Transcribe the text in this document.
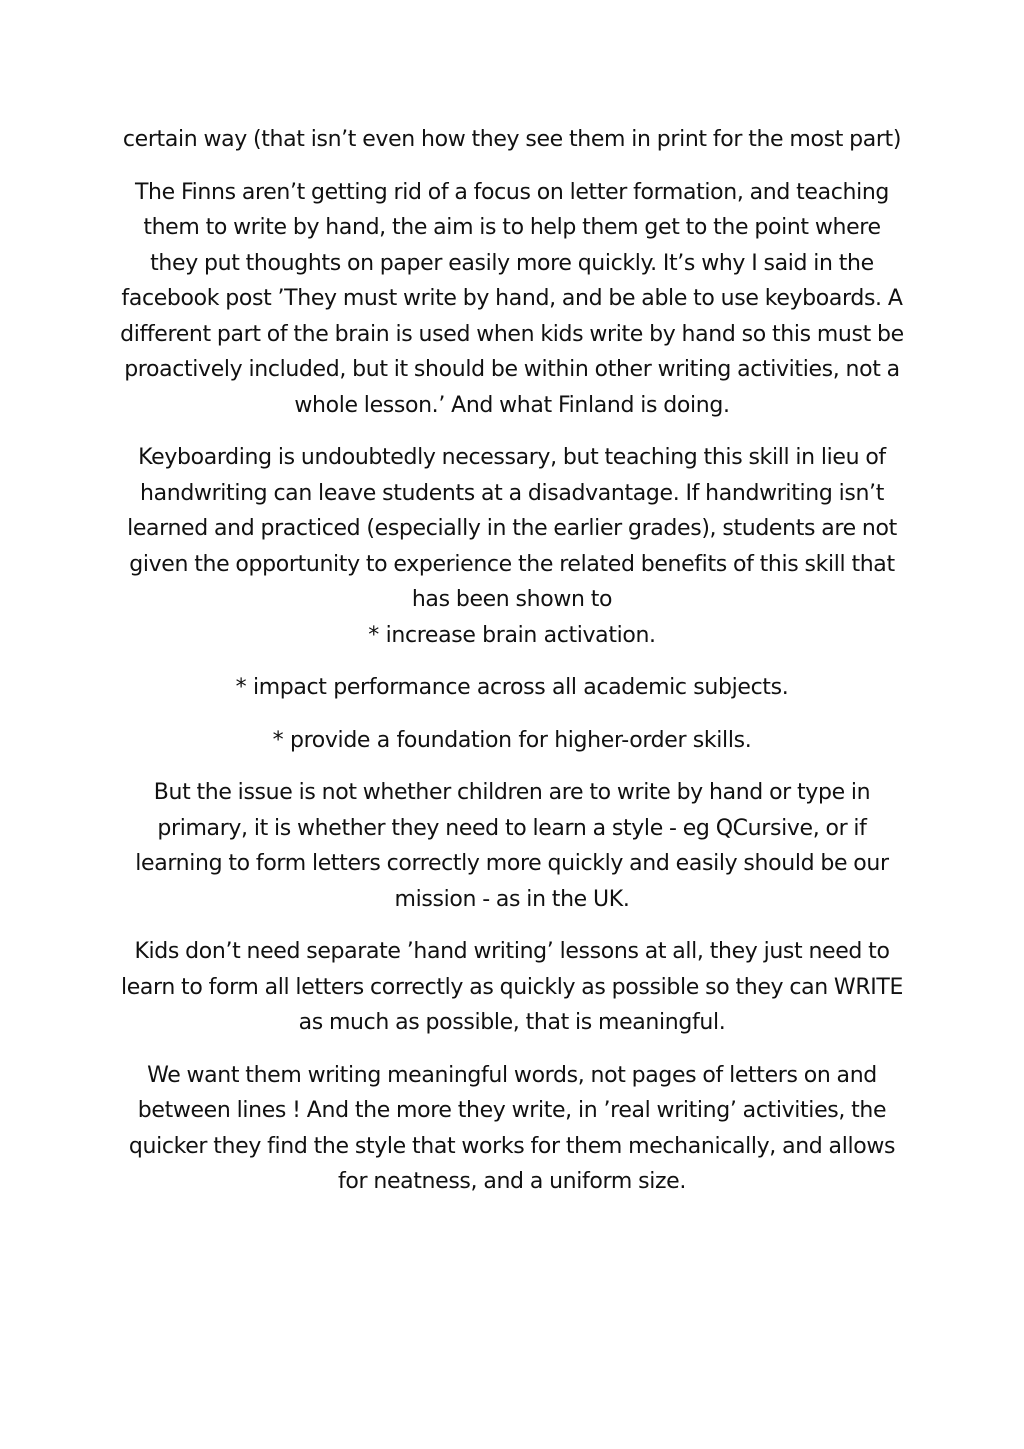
certain way (that isn’t even how they see them in print for the most part)

The Finns aren’t getting rid of a focus on letter formation, and teaching them to write by hand, the aim is to help them get to the point where they put thoughts on paper easily more quickly. It’s why I said in the facebook post ’They must write by hand, and be able to use keyboards. A different part of the brain is used when kids write by hand so this must be proactively included, but it should be within other writing activities, not a whole lesson.’ And what Finland is doing.

Keyboarding is undoubtedly necessary, but teaching this skill in lieu of handwriting can leave students at a disadvantage. If handwriting isn’t learned and practiced (especially in the earlier grades), students are not given the opportunity to experience the related benefits of this skill that has been shown to

* increase brain activation.

* impact performance across all academic subjects.

* provide a foundation for higher-order skills.

But the issue is not whether children are to write by hand or type in primary, it is whether they need to learn a style - eg QCursive, or if learning to form letters correctly more quickly and easily should be our mission - as in the UK.

Kids don’t need separate ’hand writing’ lessons at all, they just need to learn to form all letters correctly as quickly as possible so they can WRITE as much as possible, that is meaningful.

We want them writing meaningful words, not pages of letters on and between lines ! And the more they write, in ’real writing’ activities, the quicker they find the style that works for them mechanically, and allows for neatness, and a uniform size.
